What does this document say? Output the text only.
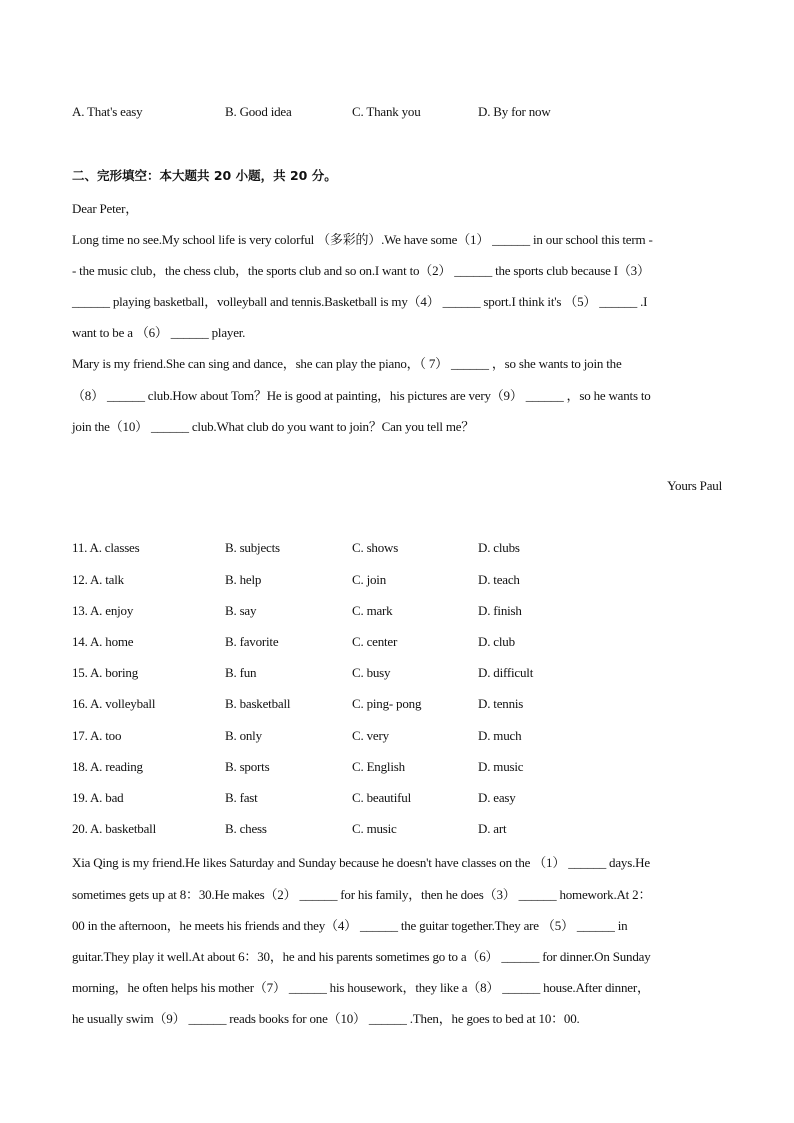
A. That's easy	B. Good idea	C. Thank you	D. By for now
二、完形填空：本大题共 20 小题，共 20 分。
Dear Peter，
Long time no see.My school life is very colorful （多彩的）.We have some（1） ______ in our school this term -
- the music club，the chess club，the sports club and so on.I want to（2） ______ the sports club because I（3）
______ playing basketball，volleyball and tennis.Basketball is my（4） ______ sport.I think it's （5） ______ .I
want to be a （6） ______ player.
Mary is my friend.She can sing and dance，she can play the piano，（ 7） ______ ，so she wants to join the
（8） ______ club.How about Tom？He is good at painting，his pictures are very（9） ______ ，so he wants to
join the（10） ______ club.What club do you want to join？Can you tell me？
Yours Paul
11. A. classes	B. subjects	C. shows	D. clubs
12. A. talk	B. help	C. join	D. teach
13. A. enjoy	B. say	C. mark	D. finish
14. A. home	B. favorite	C. center	D. club
15. A. boring	B. fun	C. busy	D. difficult
16. A. volleyball	B. basketball	C. ping- pong	D. tennis
17. A. too	B. only	C. very	D. much
18. A. reading	B. sports	C. English	D. music
19. A. bad	B. fast	C. beautiful	D. easy
20. A. basketball	B. chess	C. music	D. art
Xia Qing is my friend.He likes Saturday and Sunday because he doesn't have classes on the （1） ______ days.He
sometimes gets up at 8：30.He makes（2） ______ for his family，then he does（3） ______ homework.At 2：
00 in the afternoon，he meets his friends and they（4） ______ the guitar together.They are （5） ______ in
guitar.They play it well.At about 6：30，he and his parents sometimes go to a（6） ______ for dinner.On Sunday
morning，he often helps his mother（7） ______ his housework，they like a（8） ______ house.After dinner，
he usually swim（9） ______ reads books for one（10） ______ .Then，he goes to bed at 10：00.
